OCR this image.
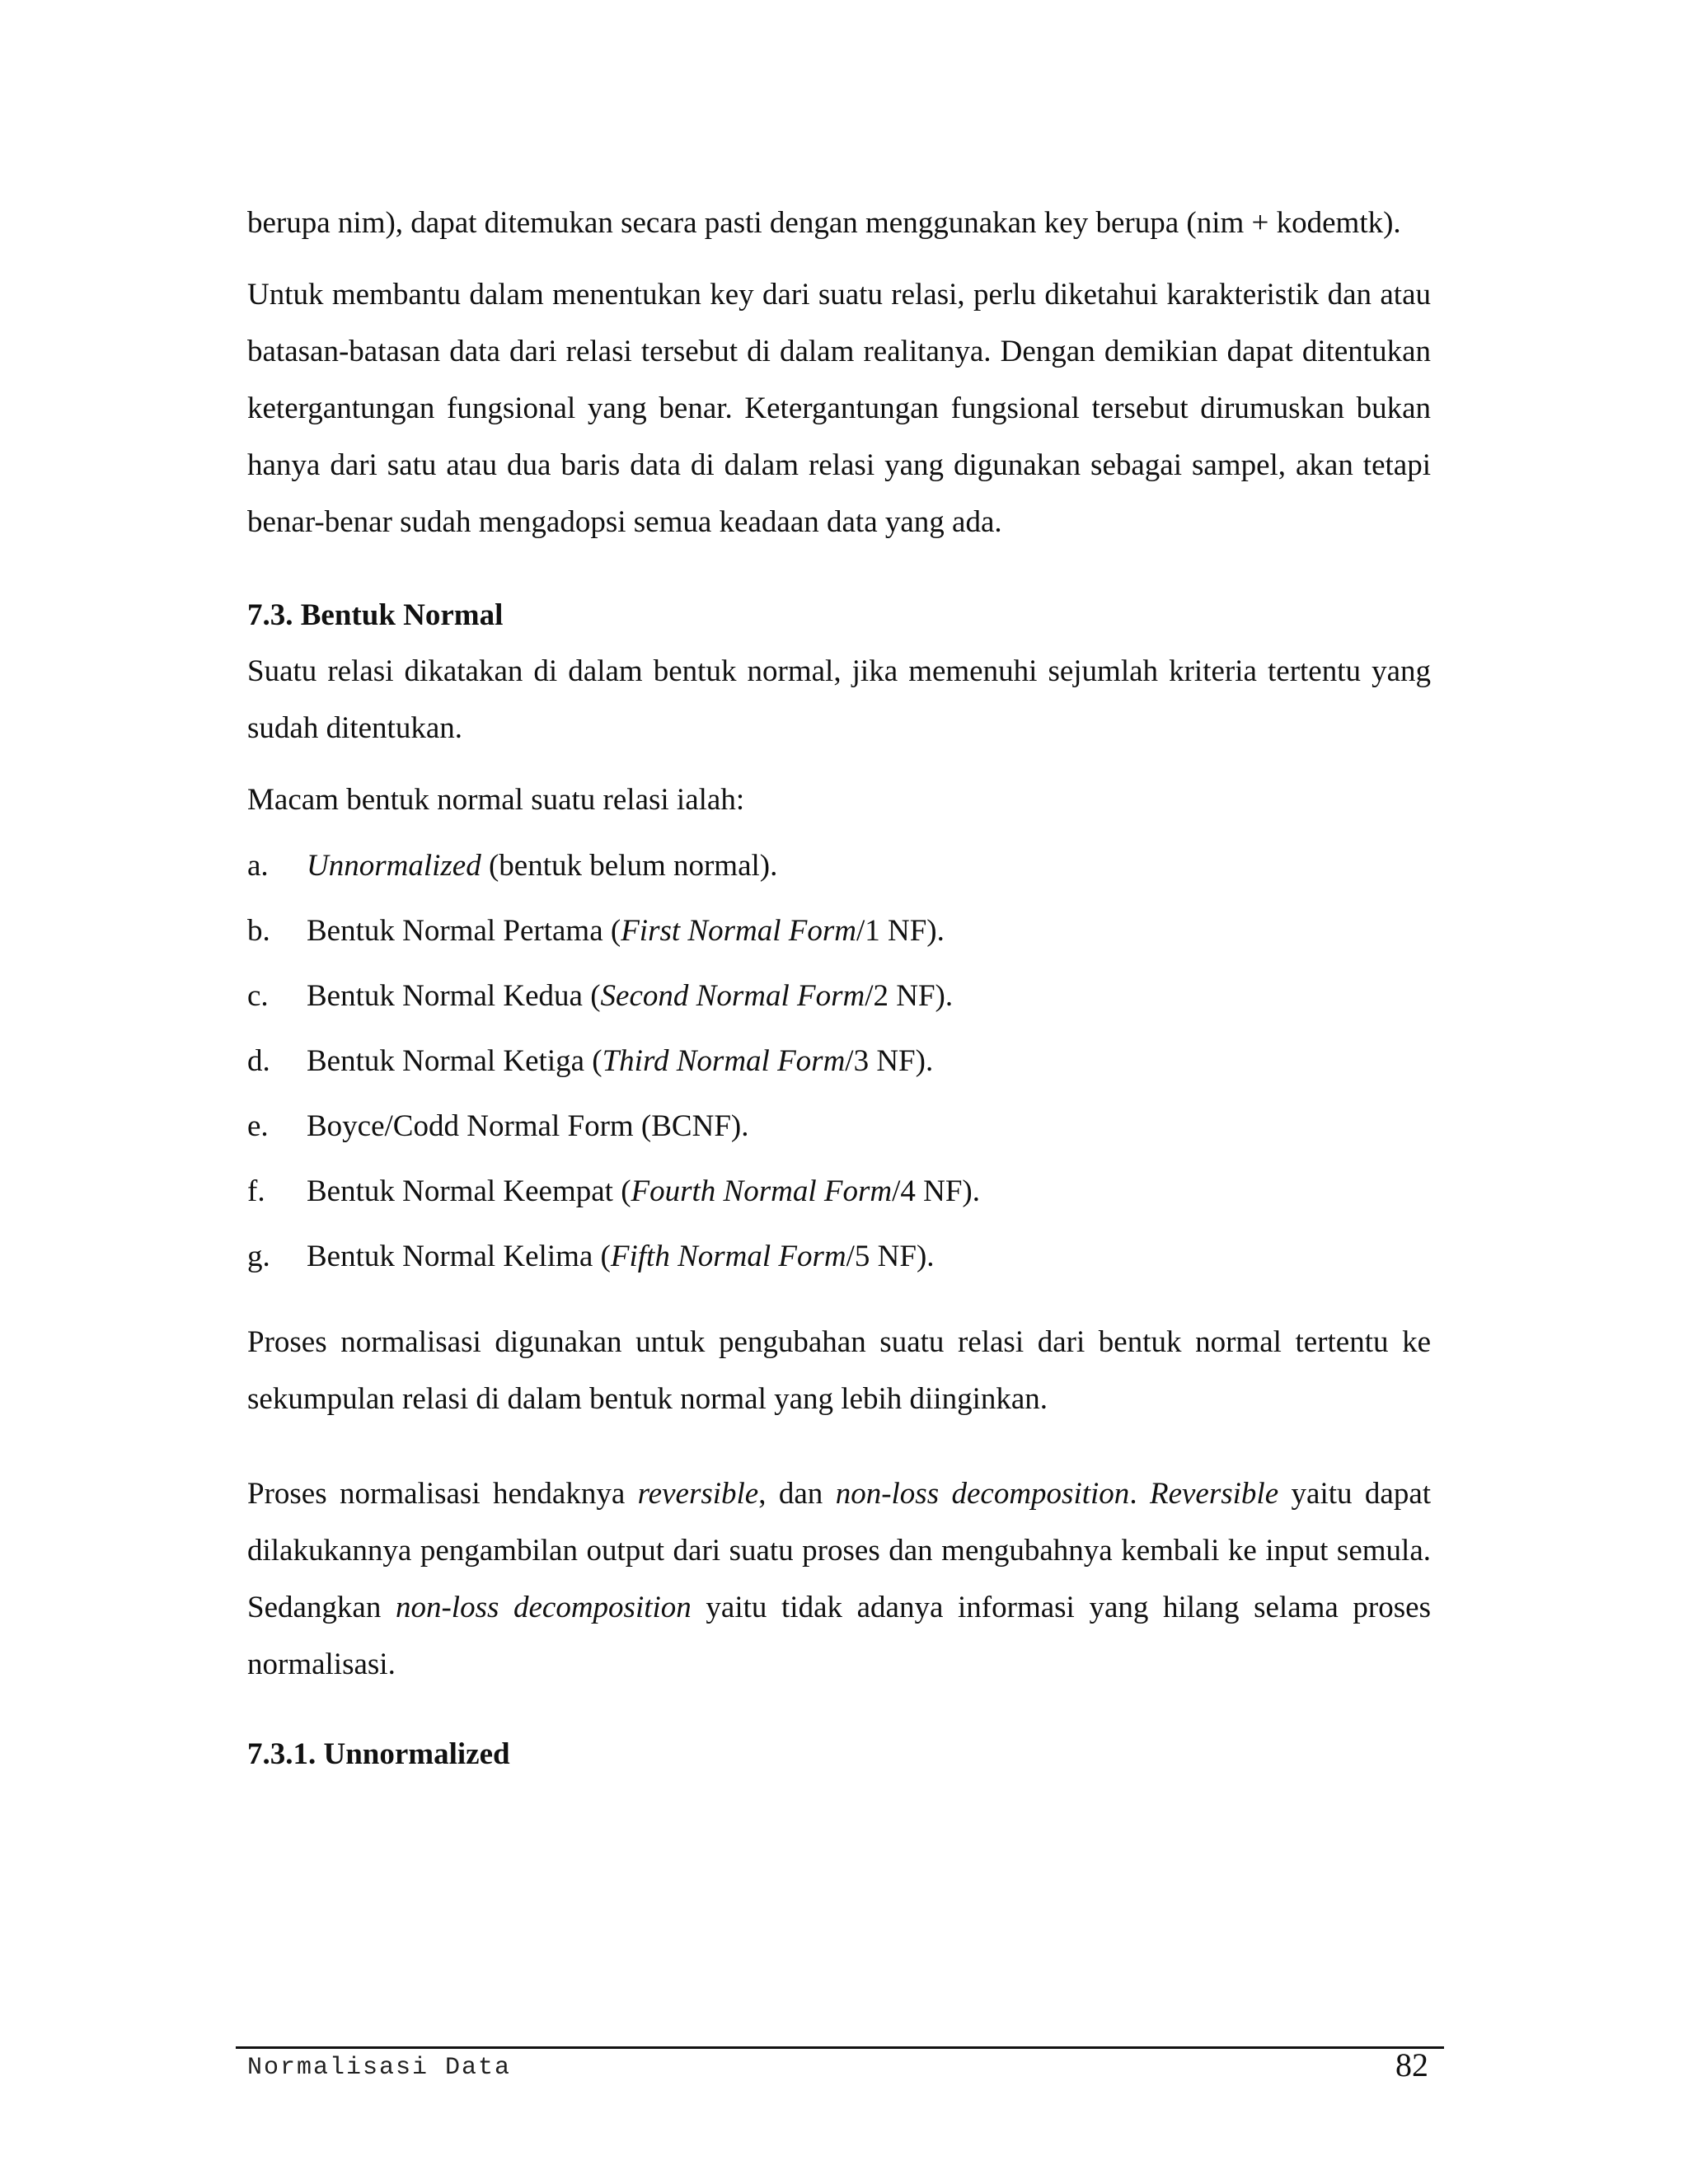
berupa nim), dapat ditemukan secara pasti dengan menggunakan key berupa (nim + kodemtk).

Untuk membantu dalam menentukan key dari suatu relasi, perlu diketahui karakteristik dan atau batasan-batasan data dari relasi tersebut di dalam realitanya. Dengan demikian dapat ditentukan ketergantungan fungsional yang benar. Ketergantungan fungsional tersebut dirumuskan bukan hanya dari satu atau dua baris data di dalam relasi yang digunakan sebagai sampel, akan tetapi benar-benar sudah mengadopsi semua keadaan data yang ada.

7.3. Bentuk Normal

Suatu relasi dikatakan di dalam bentuk normal, jika memenuhi sejumlah kriteria tertentu yang sudah ditentukan.

Macam bentuk normal suatu relasi ialah:

a.	Unnormalized (bentuk belum normal).
b.	Bentuk Normal Pertama (First Normal Form/1 NF).
c.	Bentuk Normal Kedua (Second Normal Form/2 NF).
d.	Bentuk Normal Ketiga (Third Normal Form/3 NF).
e.	Boyce/Codd Normal Form (BCNF).
f.	Bentuk Normal Keempat (Fourth Normal Form/4 NF).
g.	Bentuk Normal Kelima (Fifth Normal Form/5 NF).

Proses normalisasi digunakan untuk pengubahan suatu relasi dari bentuk normal tertentu ke sekumpulan relasi di dalam bentuk normal yang lebih diinginkan.

Proses normalisasi hendaknya reversible, dan non-loss decomposition. Reversible yaitu dapat dilakukannya pengambilan output dari suatu proses dan mengubahnya kembali ke input semula. Sedangkan non-loss decomposition yaitu tidak adanya informasi yang hilang selama proses normalisasi.

7.3.1. Unnormalized
Normalisasi Data	82
